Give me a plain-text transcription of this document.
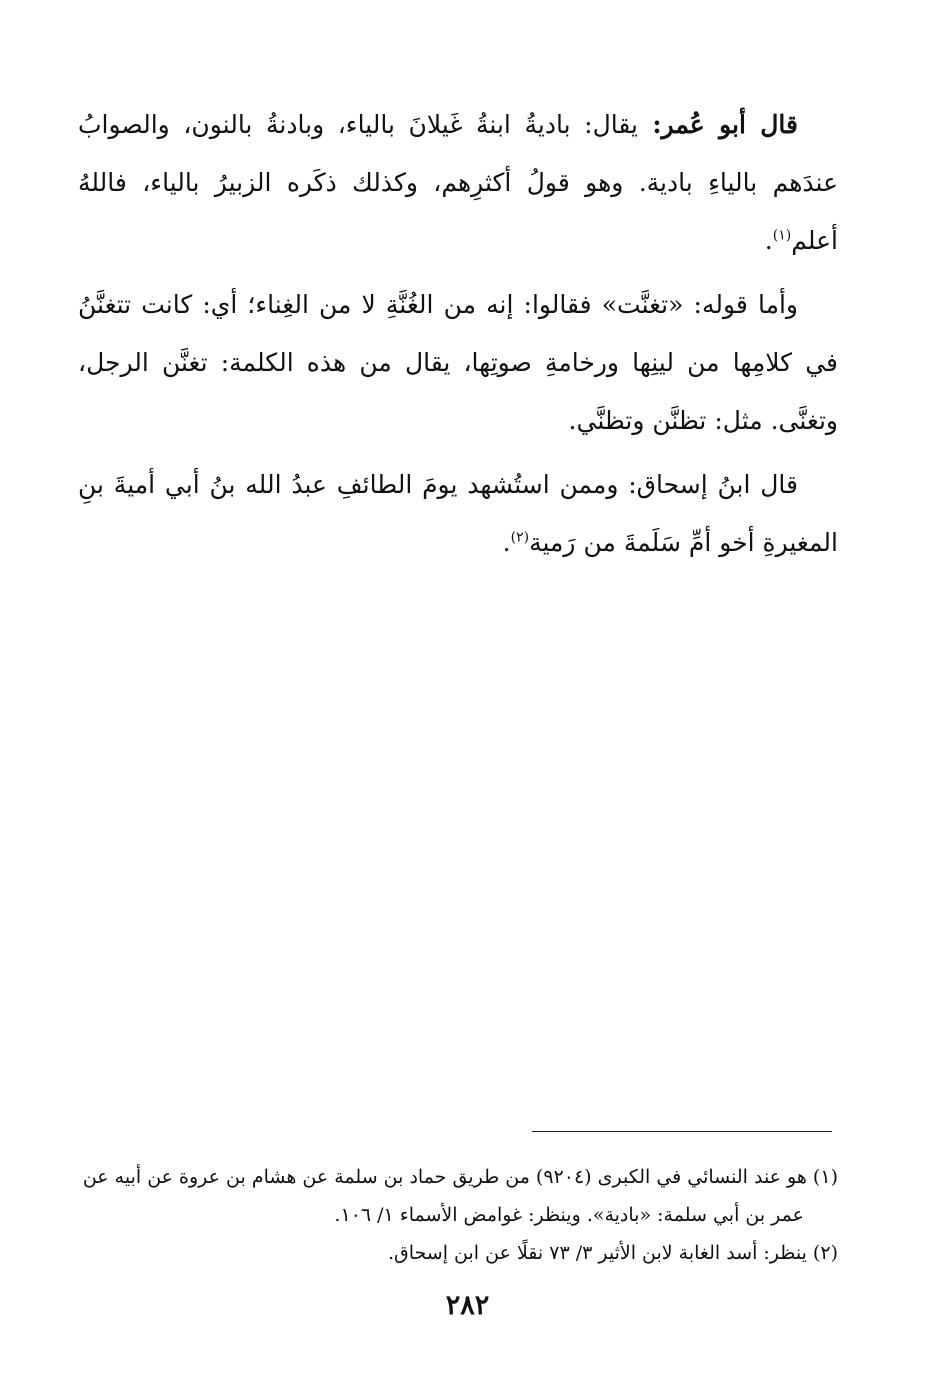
قال أبو عُمر: يقال: باديةُ ابنةُ غَيلانَ بالياء، وبادنةُ بالنون، والصوابُ عندَهم بالياءِ بادية. وهو قولُ أكثرِهم، وكذلك ذكَره الزبيرُ بالياء، فاللهُ أعلم$^{(١)}$.

وأما قوله: «تغنَّت» فقالوا: إنه من الغُنَّةِ لا من الغِناء؛ أي: كانت تتغنَّنُ في كلامِها من لينِها ورخامةِ صوتِها، يقال من هذه الكلمة: تغنَّن الرجل، وتغنَّى. مثل: تظنَّن وتظنَّي.

قال ابنُ إسحاق: وممن استُشهد يومَ الطائفِ عبدُ الله بنُ أبي أميةَ بنِ المغيرةِ أخو أمِّ سَلَمةَ من رَمية$^{(٢)}$.

(١) هو عند النسائي في الكبرى (٩٢٠٤) من طريق حماد بن سلمة عن هشام بن عروة عن أبيه عن عمر بن أبي سلمة: «بادية». وينظر: غوامض الأسماء ١/ ١٠٦.

(٢) ينظر: أسد الغابة لابن الأثير ٣/ ٧٣ نقلًا عن ابن إسحاق.

٢٨٢
